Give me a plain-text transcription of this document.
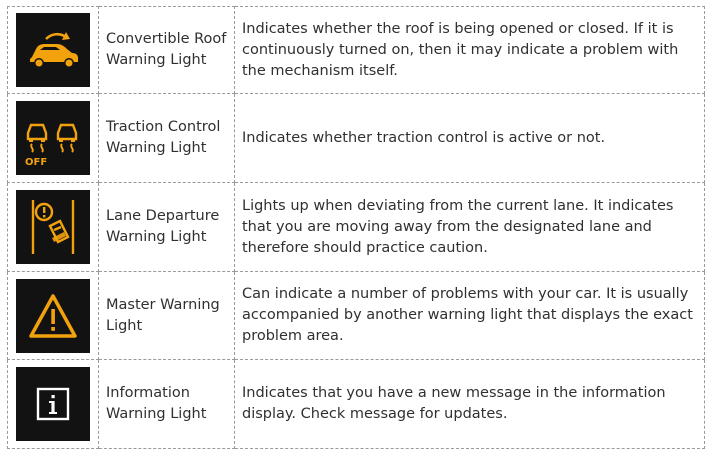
Convertible Roof Warning Light	Indicates whether the roof is being opened or closed. If it is continuously turned on, then it may indicate a problem with the mechanism itself.

OFF	Traction Control Warning Light	Indicates whether traction control is active or not.

Lane Departure Warning Light	Lights up when deviating from the current lane. It indicates that you are moving away from the designated lane and therefore should practice caution.

Master Warning Light	Can indicate a number of problems with your car. It is usually accompanied by another warning light that displays the exact problem area.

Information Warning Light	Indicates that you have a new message in the information display. Check message for updates.
